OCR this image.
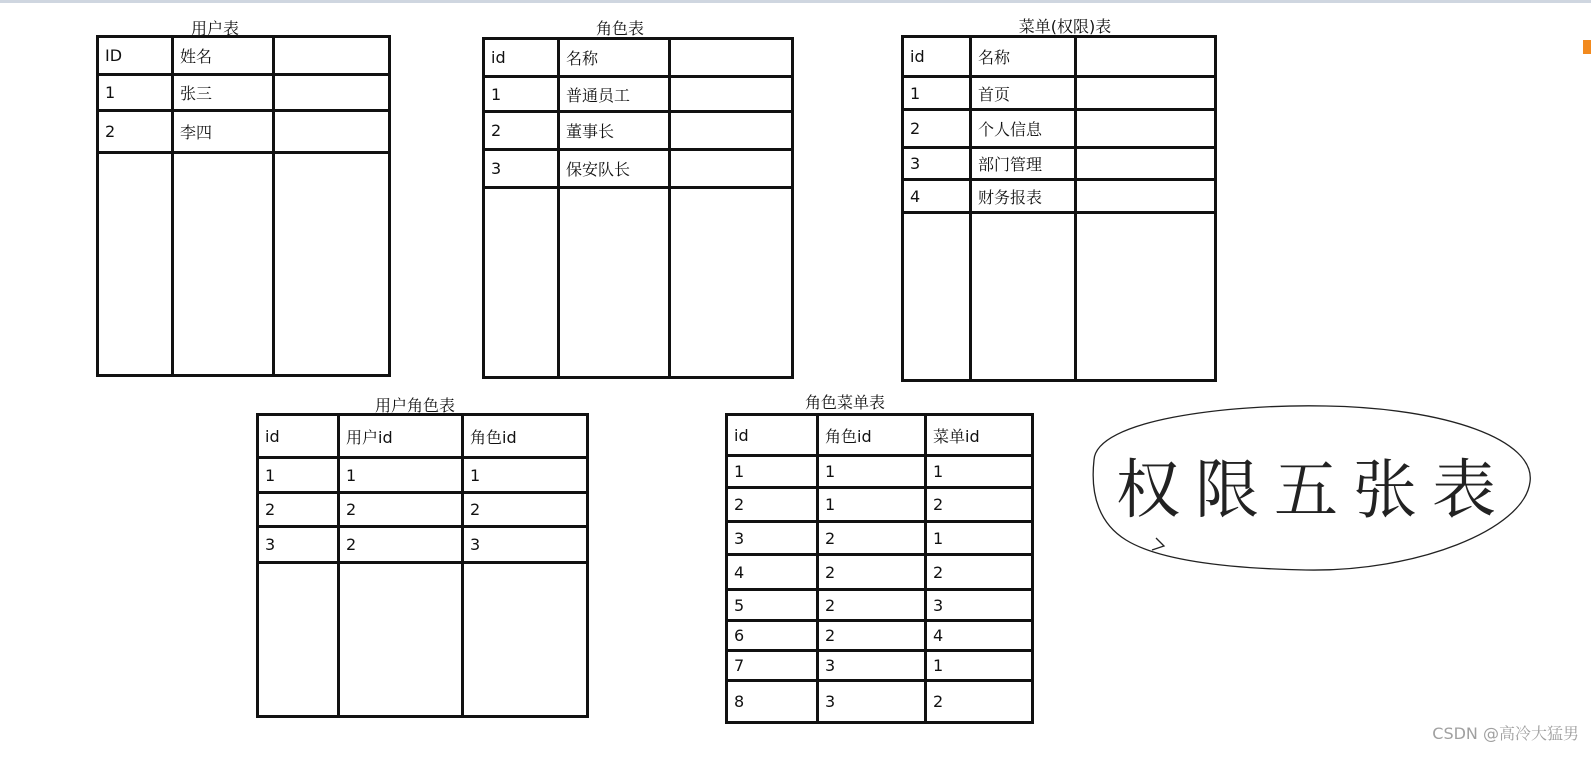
用户表
ID	姓名	
1	张三	
2	李四	

角色表
id	名称	
1	普通员工	
2	董事长	
3	保安队长	

菜单(权限)表
id	名称	
1	首页	
2	个人信息	
3	部门管理	
4	财务报表	

用户角色表
id	用户id	角色id
1	1	1
2	2	2
3	2	3

角色菜单表
id	角色id	菜单id
1	1	1
2	1	2
3	2	1
4	2	2
5	2	3
6	2	4
7	3	1
8	3	2
权限五张表
CSDN @高冷大猛男
